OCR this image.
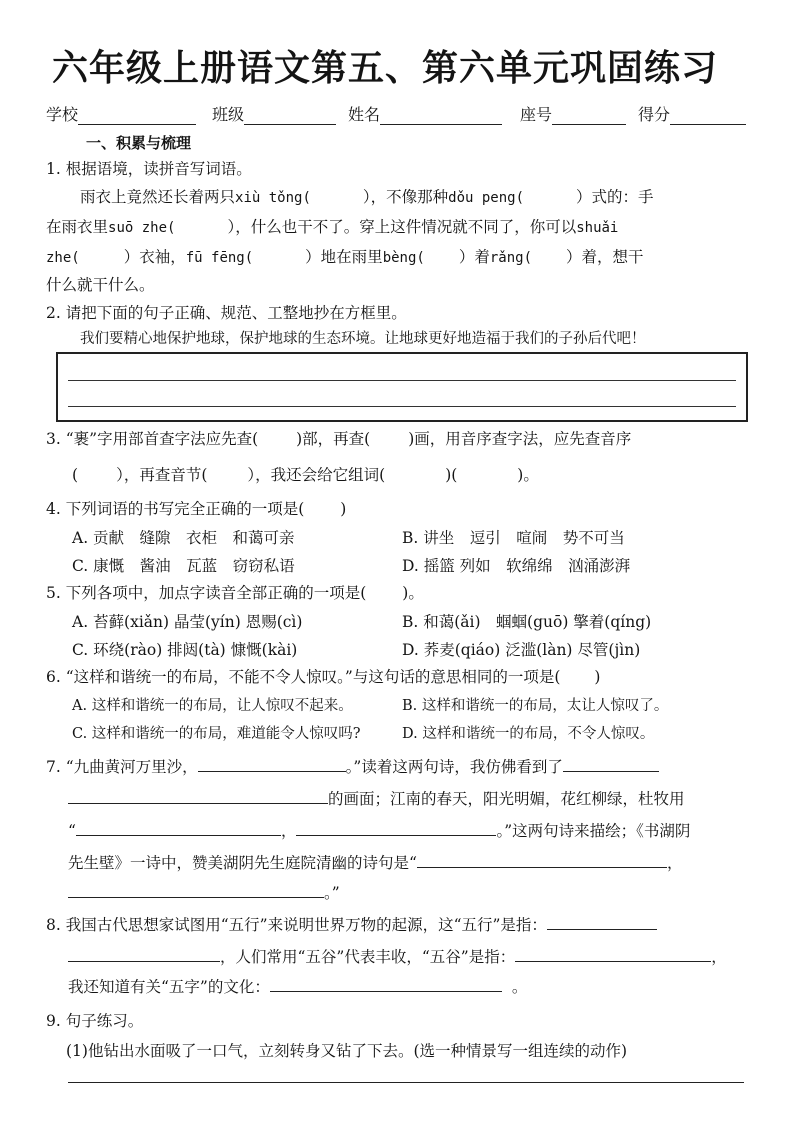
六年级上册语文第五、第六单元巩固练习
学校	班级	姓名	座号	得分
一、积累与梳理
1. 根据语境，读拼音写词语。
雨衣上竟然还长着两只xiù tǒng(	），不像那种dǒu peng(	）式的：手
在雨衣里suō zhe(	），什么也干不了。穿上这件情况就不同了，你可以shuǎi
zhe(	）衣袖，fū fēng(	）地在雨里bèng( ）着rǎng( ）着，想干
什么就干什么。
2. 请把下面的句子正确、规范、工整地抄在方框里。
我们要精心地保护地球，保护地球的生态环境。让地球更好地造福于我们的子孙后代吧！
3. “裹”字用部首查字法应先查( )部，再查( )画，用音序查字法，应先查音序
( ），再查音节(	），我还会给它组词(	)(	)。
4. 下列词语的书写完全正确的一项是( )
A. 贡献　缝隙　衣柜　和蔼可亲	B. 讲坐　逗引　喧闹　势不可当
C. 康慨　酱油　瓦蓝　窃窃私语	D. 摇篮 列如　软绵绵　汹涌澎湃
5. 下列各项中，加点字读音全部正确的一项是( )。
A. 苔藓(xiǎn) 晶莹(yín) 恩赐(cì)	B. 和蔼(ǎi)　蝈蝈(guō) 擎着(qíng)
C. 环绕(rào) 排闼(tà) 慷慨(kài)	D. 荞麦(qiáo) 泛滥(làn) 尽管(jìn)
6. “这样和谐统一的布局，不能不令人惊叹。”与这句话的意思相同的一项是( )
A. 这样和谐统一的布局，让人惊叹不起来。	B. 这样和谐统一的布局，太让人惊叹了。
C. 这样和谐统一的布局，难道能令人惊叹吗?	D. 这样和谐统一的布局，不令人惊叹。
7. “九曲黄河万里沙，	。”读着这两句诗，我仿佛看到了
的画面；江南的春天，阳光明媚，花红柳绿，杜牧用
“	，	。”这两句诗来描绘；《书湖阴
先生壁》一诗中，赞美湖阴先生庭院清幽的诗句是“	，
。”
8. 我国古代思想家试图用“五行”来说明世界万物的起源，这“五行”是指：
，人们常用“五谷”代表丰收，“五谷”是指：	，
我还知道有关“五字”的文化：	。
9. 句子练习。
(1)他钻出水面吸了一口气，立刻转身又钻了下去。(选一种情景写一组连续的动作)
